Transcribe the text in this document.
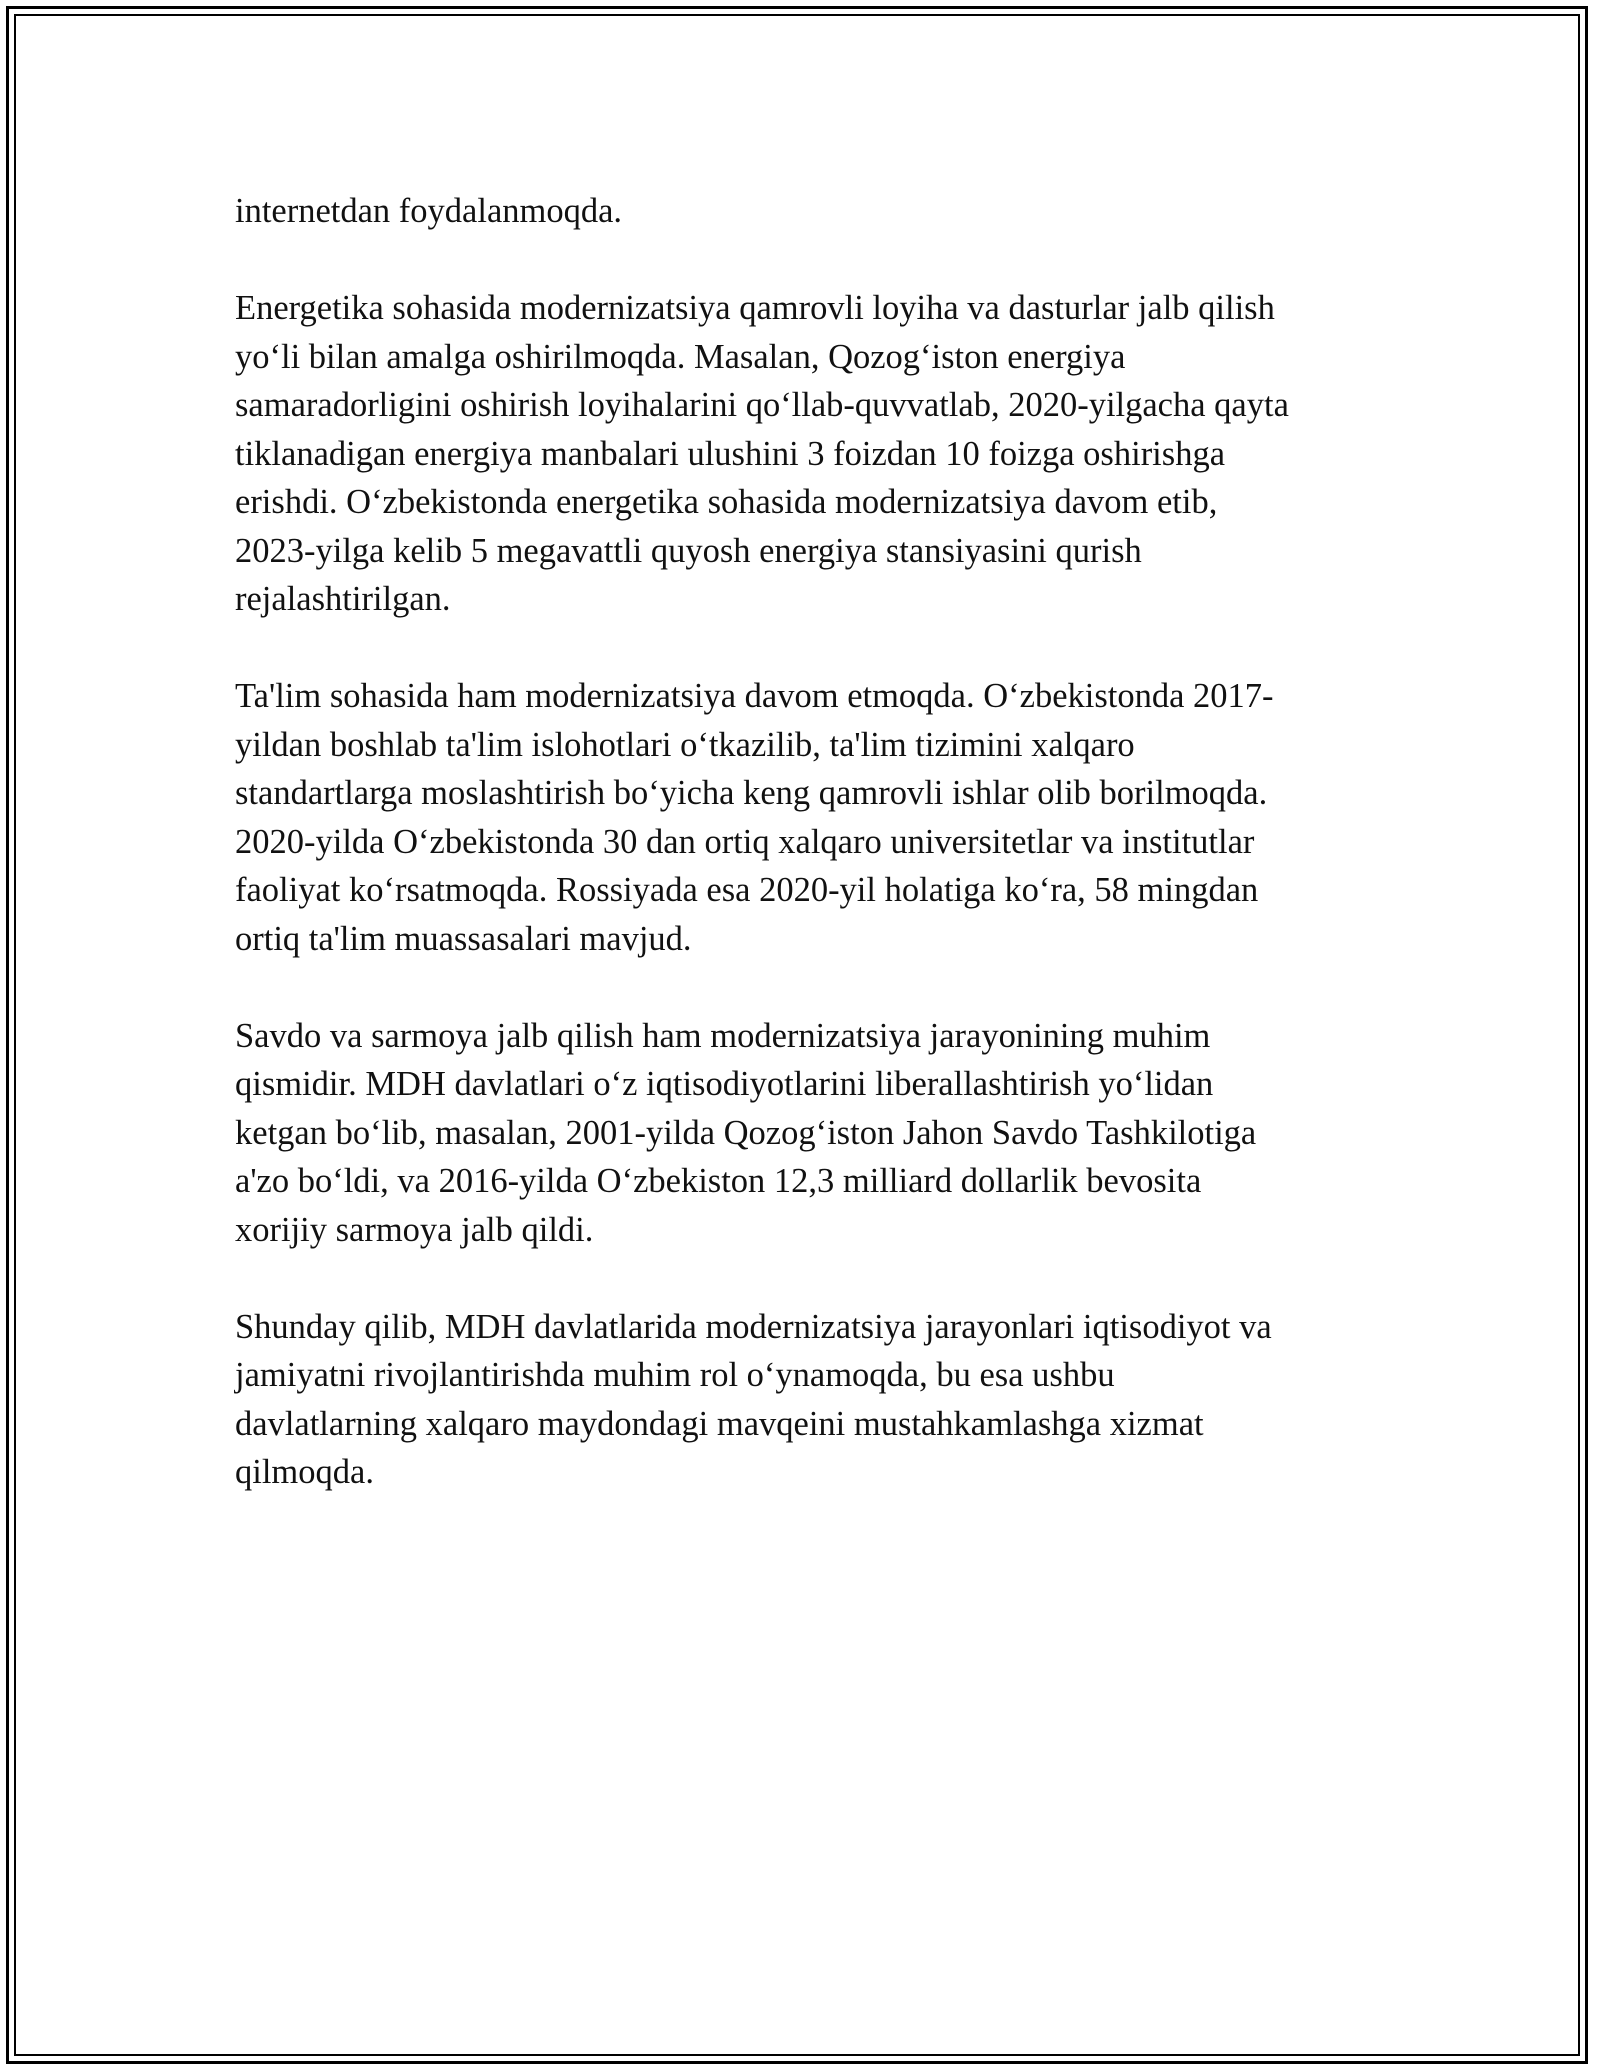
internetdan foydalanmoqda.

Energetika sohasida modernizatsiya qamrovli loyiha va dasturlar jalb qilish
yo‘li bilan amalga oshirilmoqda. Masalan, Qozog‘iston energiya
samaradorligini oshirish loyihalarini qo‘llab-quvvatlab, 2020-yilgacha qayta
tiklanadigan energiya manbalari ulushini 3 foizdan 10 foizga oshirishga
erishdi. O‘zbekistonda energetika sohasida modernizatsiya davom etib,
2023-yilga kelib 5 megavattli quyosh energiya stansiyasini qurish
rejalashtirilgan.

Ta'lim sohasida ham modernizatsiya davom etmoqda. O‘zbekistonda 2017-
yildan boshlab ta'lim islohotlari o‘tkazilib, ta'lim tizimini xalqaro
standartlarga moslashtirish bo‘yicha keng qamrovli ishlar olib borilmoqda.
2020-yilda O‘zbekistonda 30 dan ortiq xalqaro universitetlar va institutlar
faoliyat ko‘rsatmoqda. Rossiyada esa 2020-yil holatiga ko‘ra, 58 mingdan
ortiq ta'lim muassasalari mavjud.

Savdo va sarmoya jalb qilish ham modernizatsiya jarayonining muhim
qismidir. MDH davlatlari o‘z iqtisodiyotlarini liberallashtirish yo‘lidan
ketgan bo‘lib, masalan, 2001-yilda Qozog‘iston Jahon Savdo Tashkilotiga
a'zo bo‘ldi, va 2016-yilda O‘zbekiston 12,3 milliard dollarlik bevosita
xorijiy sarmoya jalb qildi.

Shunday qilib, MDH davlatlarida modernizatsiya jarayonlari iqtisodiyot va
jamiyatni rivojlantirishda muhim rol o‘ynamoqda, bu esa ushbu
davlatlarning xalqaro maydondagi mavqeini mustahkamlashga xizmat
qilmoqda.
